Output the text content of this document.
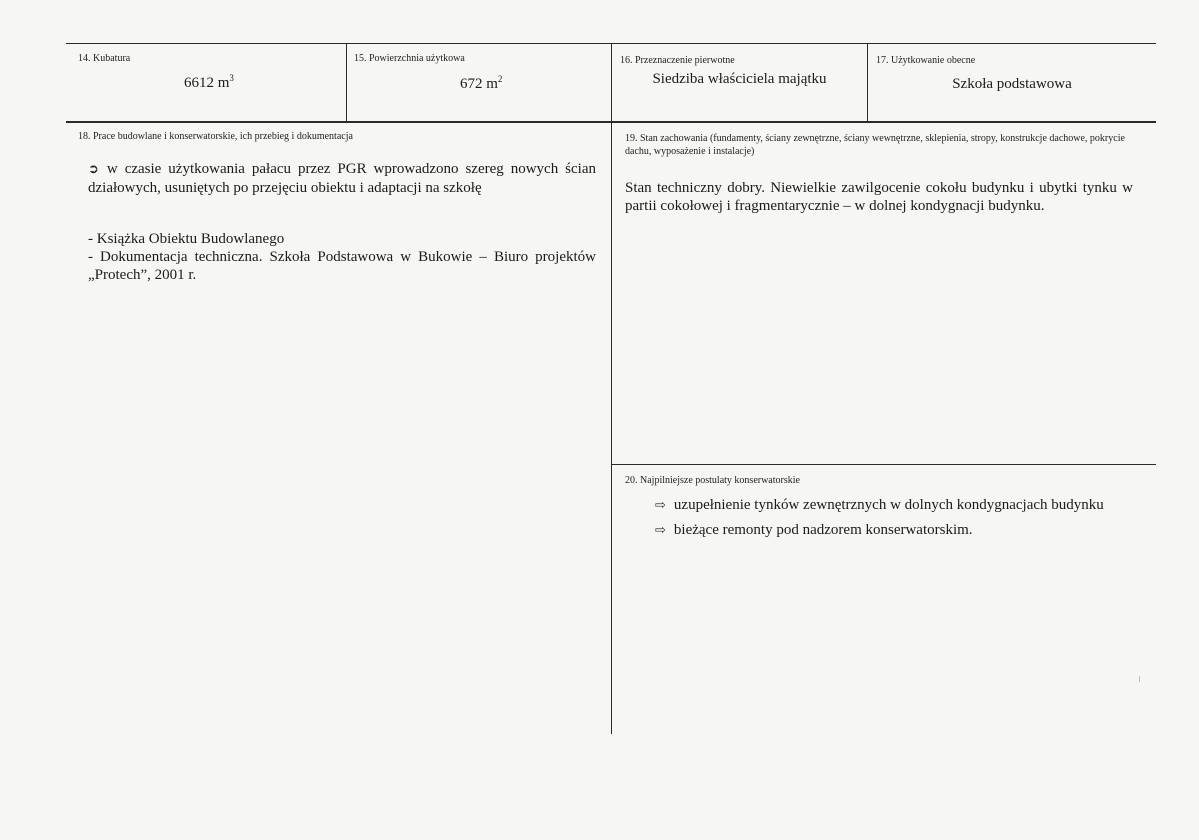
14. Kubatura
6612 $m^3$
15. Powierzchnia użytkowa
672 $m^2$
16. Przeznaczenie pierwotne
Siedziba właściciela majątku
17. Użytkowanie obecne
Szkoła podstawowa
18. Prace budowlane i konserwatorskie, ich przebieg i dokumentacja
➲ w czasie użytkowania pałacu przez PGR wprowadzono szereg nowych ścian działowych, usuniętych po przejęciu obiektu i adaptacji na szkołę

- Książka Obiektu Budowlanego

- Dokumentacja techniczna. Szkoła Podstawowa w Bukowie – Biuro projektów „Protech”, 2001 r.

19. Stan zachowania (fundamenty, ściany zewnętrzne, ściany wewnętrzne, sklepienia, stropy, konstrukcje dachowe, pokrycie dachu, wyposażenie i instalacje)
Stan techniczny dobry. Niewielkie zawilgocenie cokołu budynku i ubytki tynku w partii cokołowej i fragmentarycznie – w dolnej kondygnacji budynku.
20. Najpilniejsze postulaty konserwatorskie
⇨ uzupełnienie tynków zewnętrznych w dolnych kondygnacjach budynku
⇨ bieżące remonty pod nadzorem konserwatorskim.
